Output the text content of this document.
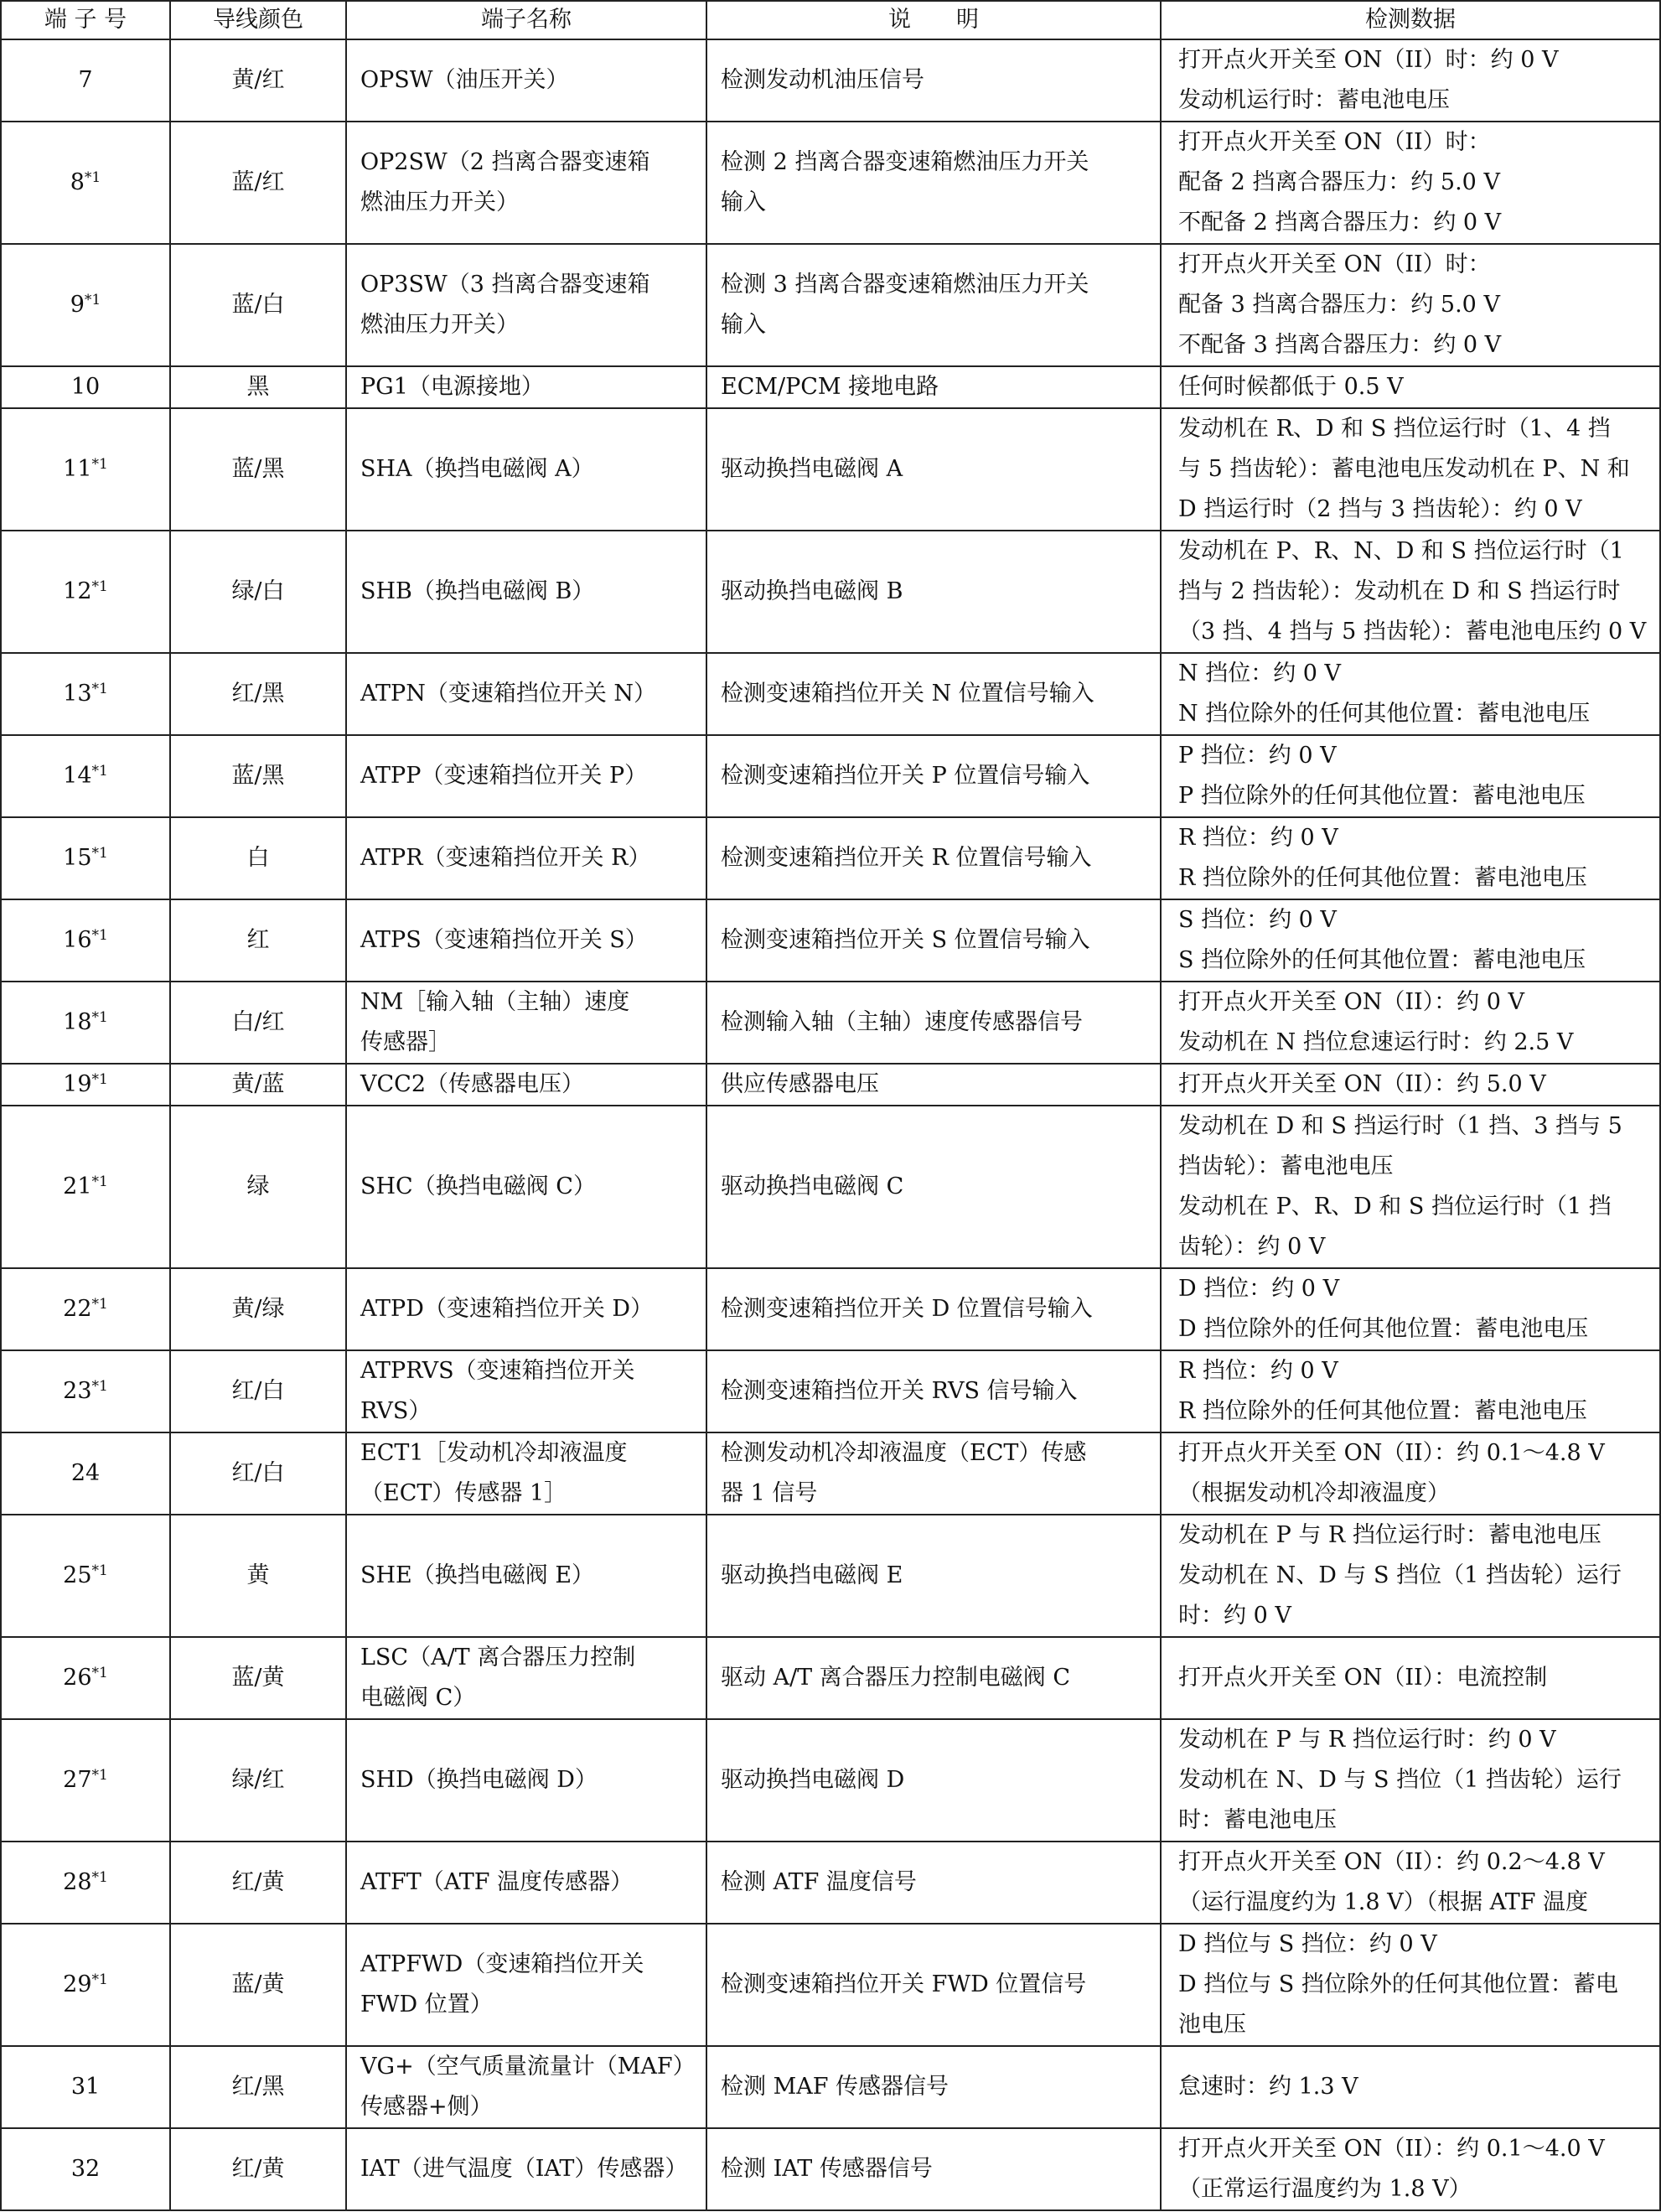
端 子 号	导线颜色	端子名称	说　　明	检测数据
7	黄/红	OPSW（油压开关）	检测发动机油压信号	打开点火开关至 ON（II）时：约 0 V
发动机运行时：蓄电池电压

8$^{*1}$	蓝/红	OP2SW（2 挡离合器变速箱
燃油压力开关）	检测 2 挡离合器变速箱燃油压力开关
输入	打开点火开关至 ON（II）时：
配备 2 挡离合器压力：约 5.0 V
不配备 2 挡离合器压力：约 0 V

9$^{*1}$	蓝/白	OP3SW（3 挡离合器变速箱
燃油压力开关）	检测 3 挡离合器变速箱燃油压力开关
输入	打开点火开关至 ON（II）时：
配备 3 挡离合器压力：约 5.0 V
不配备 3 挡离合器压力：约 0 V

10	黑	PG1（电源接地）	ECM/PCM 接地电路	任何时候都低于 0.5 V

11$^{*1}$	蓝/黑	SHA（换挡电磁阀 A）	驱动换挡电磁阀 A	发动机在 R、D 和 S 挡位运行时（1、4 挡
与 5 挡齿轮）：蓄电池电压发动机在 P、N 和
D 挡运行时（2 挡与 3 挡齿轮）：约 0 V

12$^{*1}$	绿/白	SHB（换挡电磁阀 B）	驱动换挡电磁阀 B	发动机在 P、R、N、D 和 S 挡位运行时（1
挡与 2 挡齿轮）：发动机在 D 和 S 挡运行时
（3 挡、4 挡与 5 挡齿轮）：蓄电池电压约 0 V

13$^{*1}$	红/黑	ATPN（变速箱挡位开关 N）	检测变速箱挡位开关 N 位置信号输入	N 挡位：约 0 V
N 挡位除外的任何其他位置：蓄电池电压

14$^{*1}$	蓝/黑	ATPP（变速箱挡位开关 P）	检测变速箱挡位开关 P 位置信号输入	P 挡位：约 0 V
P 挡位除外的任何其他位置：蓄电池电压

15$^{*1}$	白	ATPR（变速箱挡位开关 R）	检测变速箱挡位开关 R 位置信号输入	R 挡位：约 0 V
R 挡位除外的任何其他位置：蓄电池电压

16$^{*1}$	红	ATPS（变速箱挡位开关 S）	检测变速箱挡位开关 S 位置信号输入	S 挡位：约 0 V
S 挡位除外的任何其他位置：蓄电池电压

18$^{*1}$	白/红	NM［输入轴（主轴）速度
传感器］	检测输入轴（主轴）速度传感器信号	打开点火开关至 ON（II）：约 0 V
发动机在 N 挡位怠速运行时：约 2.5 V

19$^{*1}$	黄/蓝	VCC2（传感器电压）	供应传感器电压	打开点火开关至 ON（II）：约 5.0 V

21$^{*1}$	绿	SHC（换挡电磁阀 C）	驱动换挡电磁阀 C	发动机在 D 和 S 挡运行时（1 挡、3 挡与 5
挡齿轮）：蓄电池电压
发动机在 P、R、D 和 S 挡位运行时（1 挡
齿轮）：约 0 V

22$^{*1}$	黄/绿	ATPD（变速箱挡位开关 D）	检测变速箱挡位开关 D 位置信号输入	D 挡位：约 0 V
D 挡位除外的任何其他位置：蓄电池电压

23$^{*1}$	红/白	ATPRVS（变速箱挡位开关
RVS）	检测变速箱挡位开关 RVS 信号输入	R 挡位：约 0 V
R 挡位除外的任何其他位置：蓄电池电压

24	红/白	ECT1［发动机冷却液温度
（ECT）传感器 1］	检测发动机冷却液温度（ECT）传感
器 1 信号	打开点火开关至 ON（II）：约 0.1～4.8 V
（根据发动机冷却液温度）

25$^{*1}$	黄	SHE（换挡电磁阀 E）	驱动换挡电磁阀 E	发动机在 P 与 R 挡位运行时：蓄电池电压
发动机在 N、D 与 S 挡位（1 挡齿轮）运行
时：约 0 V

26$^{*1}$	蓝/黄	LSC（A/T 离合器压力控制
电磁阀 C）	驱动 A/T 离合器压力控制电磁阀 C	打开点火开关至 ON（II）：电流控制

27$^{*1}$	绿/红	SHD（换挡电磁阀 D）	驱动换挡电磁阀 D	发动机在 P 与 R 挡位运行时：约 0 V
发动机在 N、D 与 S 挡位（1 挡齿轮）运行
时：蓄电池电压

28$^{*1}$	红/黄	ATFT（ATF 温度传感器）	检测 ATF 温度信号	打开点火开关至 ON（II）：约 0.2～4.8 V
（运行温度约为 1.8 V）（根据 ATF 温度

29$^{*1}$	蓝/黄	ATPFWD（变速箱挡位开关
FWD 位置）	检测变速箱挡位开关 FWD 位置信号	D 挡位与 S 挡位：约 0 V
D 挡位与 S 挡位除外的任何其他位置：蓄电
池电压

31	红/黑	VG+（空气质量流量计（MAF）
传感器+侧）	检测 MAF 传感器信号	怠速时：约 1.3 V

32	红/黄	IAT（进气温度（IAT）传感器）	检测 IAT 传感器信号	打开点火开关至 ON（II）：约 0.1～4.0 V
（正常运行温度约为 1.8 V）
